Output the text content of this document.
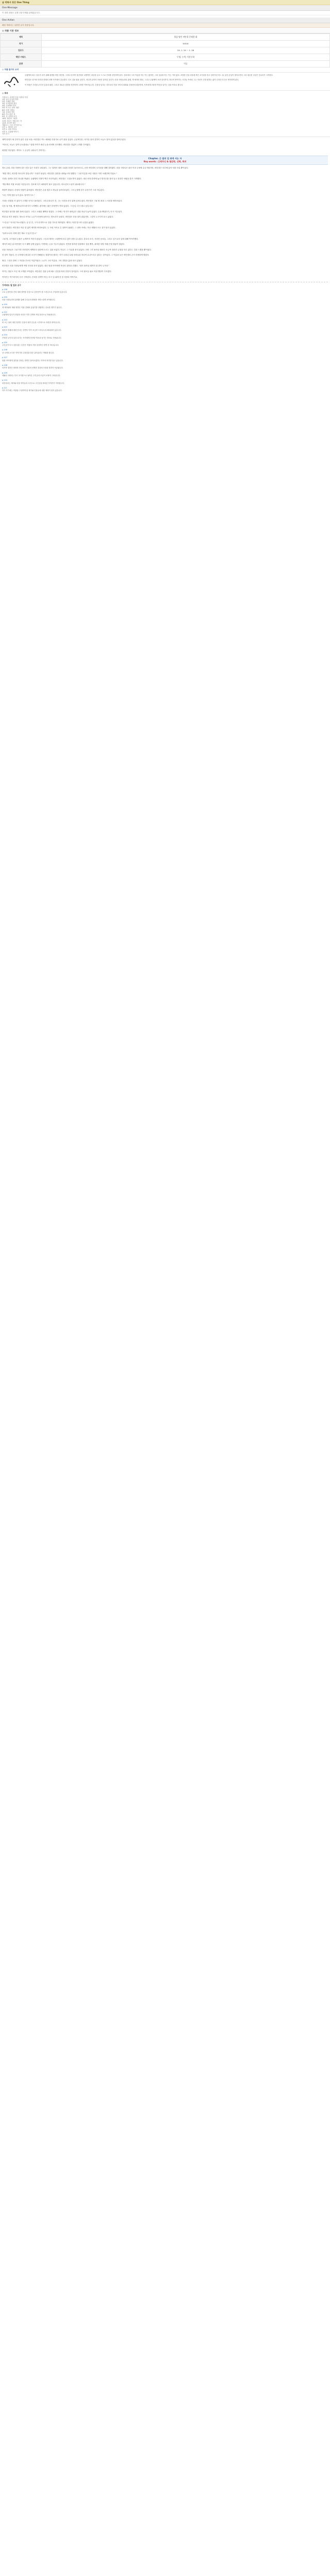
숨 막혀서 못끈 One Thing
One-Message
이 대화 내용은 실제 인물·단체와 관계없습니다.
One Action
해당 캐릭터는 남중충 유저 전용입니다.
◎ 작품 기본 정보
제목	혈검 명인 비단결 은퇴한 화
작가	UUUU
업로드	24. 1. 24 ~ 1. 26
해당 키워드	무협, 능력, 이분우하
분량	미공
◎ 작품 줄거리 요약

무림맹의 최고 검수가 되기 위해 평생을 바친 비단결. 그러나 마지막 결전에서 치명적인 내상을 입고 스스로 은퇴를 선언하게 된다. 강호에서 그의 이름을 아는 이는 많지만, 그의 얼굴을 아는 이는 거의 없다. 조용한 산골 마을에 작은 초가집을 짓고 살아가던 어느 날, 낯선 손님이 찾아오면서 그의 평온한 일상은 흔들리기 시작한다.

비단결은 과거의 인연과 현재의 선택 사이에서 갈등한다. 다시 검을 잡을 것인가, 아니면 끝까지 조용히 살아갈 것인가. 마을 사람들과의 관계, 옛 제자의 방문, 그리고 무림맹이 보낸 밀사까지, 하나씩 쌓여가는 사건들 속에서 그는 자신이 진정 원하는 삶이 무엇인지 다시 생각하게 된다.

이 작품은 은퇴한 무인의 일상과 회한, 그리고 새로운 출발을 잔잔하게 그려낸 이야기입니다. 긴장감 넘치는 전투보다 인물 사이의 대화와 감정선에 집중하며, 독자에게 조용한 여운을 남기는 것을 목표로 합니다.

◎ 목차
프롤로그. 조용한 산골 마을의 아침
1화. 낯선 손님의 방문
2화. 오래된 검집
3화. 옛 제자의 편지
4화. 무림맹의 밀사
5화. 비 오는 날의 대련
6화. 마을 사람들
7화. 잊혀진 약속
8화. 다시 잡은 검
9화. 산 너머의 소식
10화. 혈검의 그림자
11화. 떠나는 자와 남는 자
12화. 마지막 결전
에필로그. 다시 초가집으로
외전 1. 제자의 시선
외전 2. 마을 아이들
외전 3. 무림맹 이야기
작가 후기

새벽 안개가 채 걷히지 않은 산골 마을. 비단결은 여느 때처럼 우물가로 나가 물을 길었다. 손끝에 닿는 차가운 물의 감촉이 오늘도 살아 있음을 알려주었다.

"어르신, 오늘도 일찍 나오셨네요." 옆집 아이가 졸린 눈을 비비며 인사했다. 비단결은 말없이 고개를 끄덕였다.

평범한 하루였다. 적어도 그 손님이 나타나기 전까지는.

Chapter. 은 빛의 검 위에 서는 자
Key words : 은퇴무인 & 혈검명, 선택, 회귀

정오 무렵, 마을 어귀에 검은 옷을 입은 사내가 나타났다. 그는 말에서 내려 주위를 천천히 둘러보더니, 곧장 비단결의 초가집을 향해 걸어왔다. 마을 사람들은 낯선 이의 등장에 수군거렸지만, 비단결은 마루에 앉아 차를 마실 뿐이었다.

"혈검 명인, 비단결 어르신이 맞습니까." 사내가 물었다. 비단결은 찻잔을 내려놓으며 답했다. "그런 이름을 쓰던 사람은 이미 오래전에 죽었소."

사내는 품에서 봉투 하나를 꺼냈다. 무림맹의 인장이 찍힌 서신이었다. 비단결은 그것을 받지 않았다. 대신 마당 한켠에 놓인 빗자루를 집어 들고 천천히 낙엽을 쓸기 시작했다.

"맹주께서 직접 보내신 서신입니다. 강호에 다시 피바람이 불고 있습니다. 어르신의 도움이 필요합니다."

바람이 불었다. 마당의 낙엽이 흩어졌다. 비단결은 손을 멈추고 하늘을 올려다보았다. 그의 눈빛에 잠시 무언가가 스쳐 지나갔다.

"나는 이제 검을 들지 않소. 돌아가시오."

사내는 한참을 서 있다가 고개를 숙이고 물러났다. 그러나 떠나기 전, 그는 서신을 마루 위에 올려두었다. 비단결은 그날 밤 내내 그 서신을 바라보았다.

다음 날 아침, 옛 제자로부터 편지가 도착했다. 편지에는 짧은 문장만이 적혀 있었다. '스승님, 다시 뵙고 싶습니다.'

비단결은 편지를 접어 품에 넣었다. 그리고 오래된 궤짝을 열었다. 그 안에는 먼지가 내려앉은 검집 하나가 놓여 있었다. 손을 뻗었다가, 다시 거두었다.

며칠 뒤 비가 내렸다. 빗소리 사이로 누군가 마당에 들어서는 발소리가 들렸다. 비단결은 문을 열지 않았지만, 그것이 누구인지 알고 있었다.

"스승님." 익숙한 목소리였다. 십 년 전, 그가 마지막으로 검을 가르친 제자였다. 제자는 비를 맞으며 무릎을 꿇었다.

문이 열렸다. 비단결은 아무 말 없이 제자를 바라보았다. 두 사람 사이로 긴 침묵이 흘렀다. 그 침묵 속에는 지난 세월의 모든 것이 담겨 있었다.

"들어오너라. 비에 젖은 채로 서 있지 말고."

그날 밤, 초가집의 등불은 늦게까지 꺼지지 않았다. 스승과 제자는 오랜만에 마주 앉아 차를 나누었다. 강호의 소식, 사라진 동료들, 그리고 앞으로의 일에 대해 이야기했다.

제자가 떠난 뒤 비단결은 다시 궤짝 앞에 앉았다. 이번에는 손을 거두지 않았다. 먼지를 털어낸 검집에서 검을 뽑자, 희미한 달빛 아래 은빛 칼날이 빛났다.

마을 사람들은 그날 이후 비단결이 새벽마다 뒷산에 오르는 것을 보았다. 아무도 그 이유를 묻지 않았다. 다만 그가 돌아올 때마다 조금씩 달라진 눈빛을 하고 있다는 것을 느꼈을 뿐이었다.

한 달이 지났다. 산 너머에서 불길한 소식이 전해졌다. 혈검이라 불리는 자가 나타나 무림 문파들을 하나씩 무너뜨리고 있다는 것이었다. 그 이름을 들은 비단결의 손이 미세하게 떨렸다.

혈검. 그것은 한때 그 자신을 부르던 이름이었다. 누군가 그의 이름을, 그의 검법을 흉내 내고 있었다.

비단결은 마을 사람들에게 작별 인사를 하지 않았다. 대신 옆집 아이에게 자신의 찻잔을 건넸다. "내가 돌아올 때까지 잘 맡아 두거라."

아이는 영문도 모른 채 고개를 끄덕였다. 비단결은 검을 등에 메고 산길을 따라 천천히 걸어갔다. 그의 뒷모습 위로 아침 햇살이 부서졌다.

이야기는 여기서부터 다시 시작된다. 은퇴한 검객이 아닌, 다시 길 위에 선 한 사람의 이야기로.

가져와도 될 업로 궁구
p.198
주요 등장인물 간의 대화 장면을 중심으로 감정선이 잘 드러나도록 구성되어 있습니다.
p.199
마을 사람들과의 관계를 통해 주인공의 변화를 자연스럽게 보여줍니다.
p.200
옛 제자와의 재회 장면은 작품 전체의 분위기를 전환하는 중요한 계기가 됩니다.
p.201
무림맹의 밀사가 전달한 서신은 이후 전개의 핵심 복선으로 작용합니다.
p.202
비 오는 날의 대련 장면은 인물의 내면 갈등을 시각적으로 표현한 대목입니다.
p.203
혈검의 정체에 대한 단서는 중반부 이후 조금씩 드러나도록 배치되어 있습니다.
p.204
은퇴한 무인의 일상 묘사는 독자에게 잔잔한 여운을 남기는 장치로 사용됩니다.
p.205
주인공이 다시 검을 잡는 순간은 작품의 가장 상징적인 장면 중 하나입니다.
p.206
산 너머의 소식은 이야기의 긴장감을 한층 끌어올리는 역할을 합니다.
p.207
옆집 아이에게 찻잔을 건네는 장면은 돌아오겠다는 약속의 의미를 담고 있습니다.
p.208
마지막 결전은 화려한 전투보다 인물의 선택과 결심에 초점을 맞추어 서술됩니다.
p.209
에필로그에서는 다시 초가집으로 돌아온 주인공의 모습이 조용히 그려집니다.
p.210
외전에서는 제자와 마을 아이들의 시선으로 주인공을 바라본 이야기가 이어집니다.
p.211
작가 후기에는 작품을 구상하게 된 계기와 인물들에 대한 애정이 담겨 있습니다.
